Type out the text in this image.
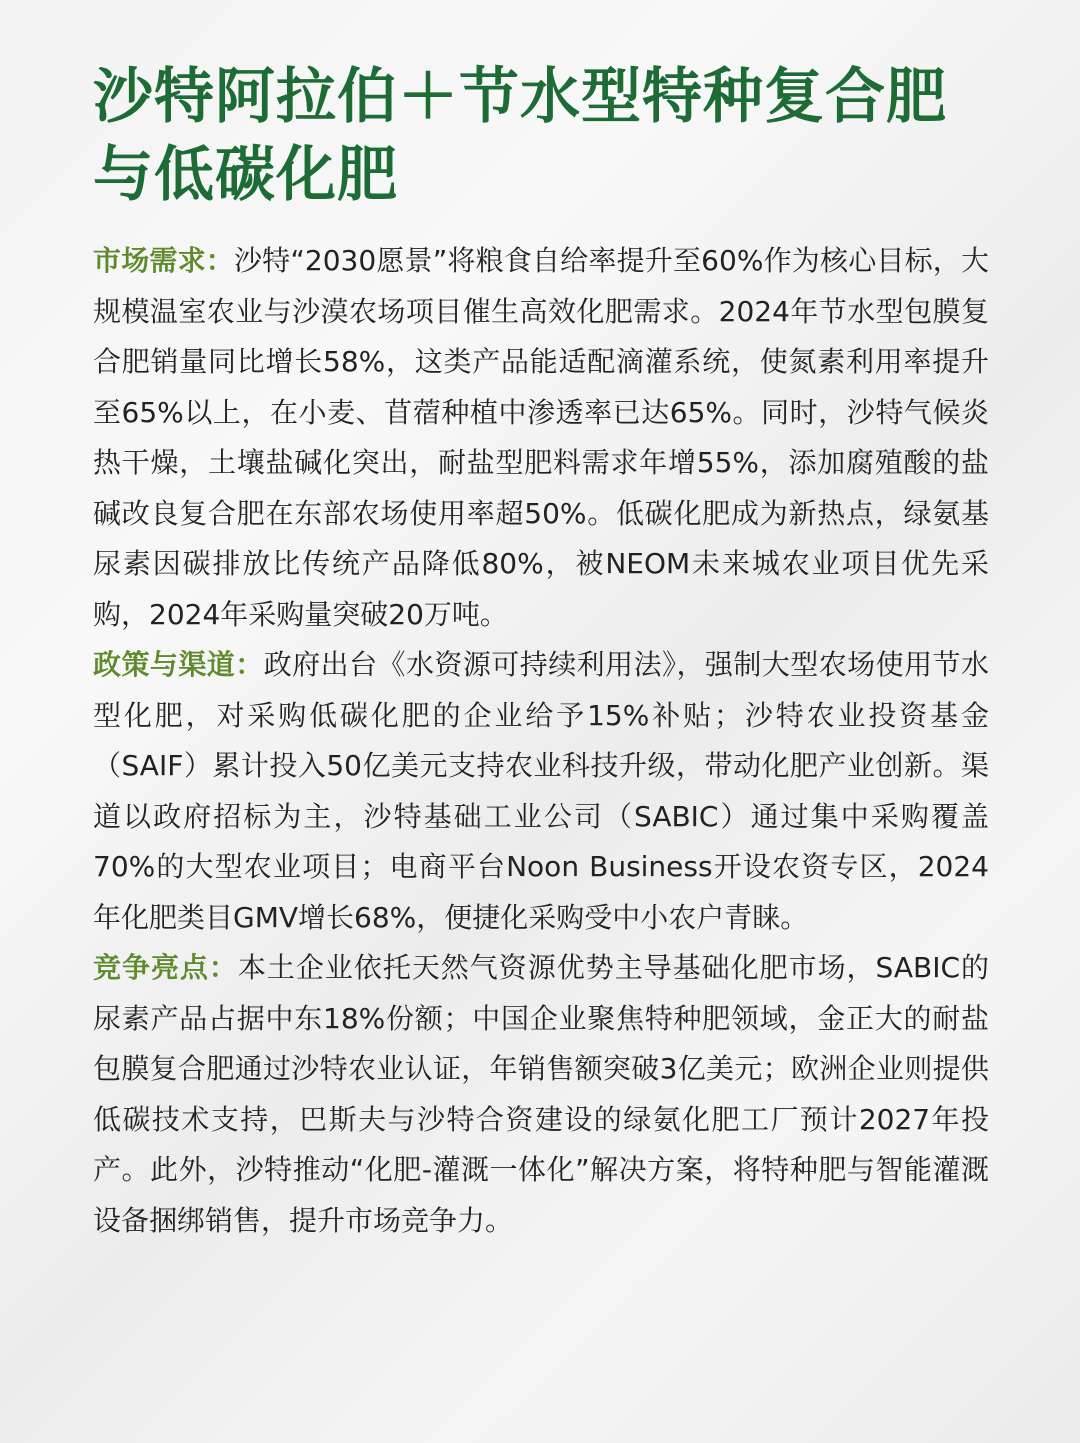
沙特阿拉伯＋节水型特种复合肥与低碳化肥

市场需求：沙特“2030愿景”将粮食自给率提升至60%作为核心目标，大规模温室农业与沙漠农场项目催生高效化肥需求。2024年节水型包膜复合肥销量同比增长58%，这类产品能适配滴灌系统，使氮素利用率提升至65%以上，在小麦、苜蓿种植中渗透率已达65%。同时，沙特气候炎热干燥，土壤盐碱化突出，耐盐型肥料需求年增55%，添加腐殖酸的盐碱改良复合肥在东部农场使用率超50%。低碳化肥成为新热点，绿氨基尿素因碳排放比传统产品降低80%，被NEOM未来城农业项目优先采购，2024年采购量突破20万吨。

政策与渠道：政府出台《水资源可持续利用法》，强制大型农场使用节水型化肥，对采购低碳化肥的企业给予15%补贴；沙特农业投资基金（SAIF）累计投入50亿美元支持农业科技升级，带动化肥产业创新。渠道以政府招标为主，沙特基础工业公司（SABIC）通过集中采购覆盖70%的大型农业项目；电商平台Noon Business开设农资专区，2024年化肥类目GMV增长68%，便捷化采购受中小农户青睐。

竞争亮点：本土企业依托天然气资源优势主导基础化肥市场，SABIC的尿素产品占据中东18%份额；中国企业聚焦特种肥领域，金正大的耐盐包膜复合肥通过沙特农业认证，年销售额突破3亿美元；欧洲企业则提供低碳技术支持，巴斯夫与沙特合资建设的绿氨化肥工厂预计2027年投产。此外，沙特推动“化肥-灌溉一体化”解决方案，将特种肥与智能灌溉设备捆绑销售，提升市场竞争力。
